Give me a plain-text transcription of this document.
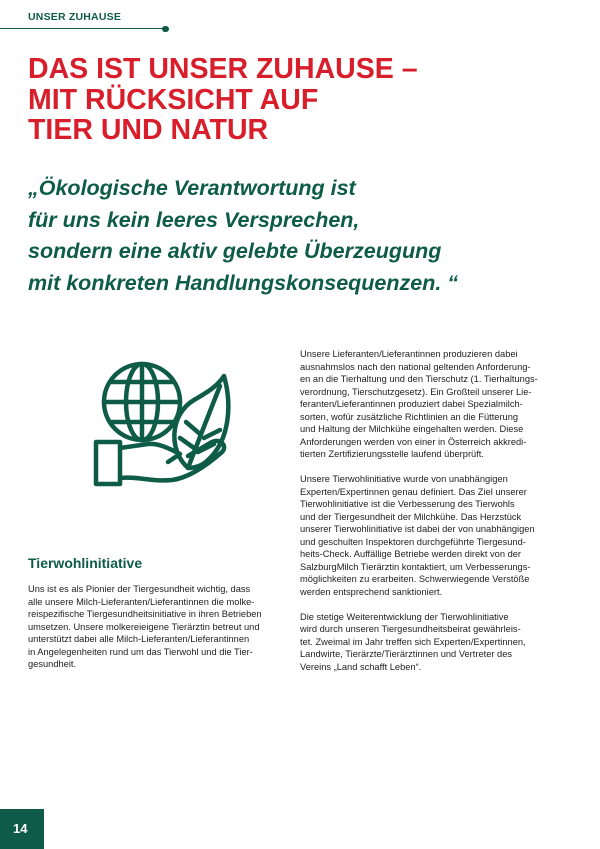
UNSER ZUHAUSE
DAS IST UNSER ZUHAUSE –
MIT RÜCKSICHT AUF
TIER UND NATUR

„Ökologische Verantwortung ist
für uns kein leeres Versprechen,
sondern eine aktiv gelebte Überzeugung
mit konkreten Handlungskonsequenzen. “

Tierwohlinitiative
Uns ist es als Pionier der Tiergesundheit wichtig, dass
alle unsere Milch-Lieferanten/Lieferantinnen die molke-
reispezifische Tiergesundheitsinitiative in ihren Betrieben
umsetzen. Unsere molkereieigene Tierärztin betreut und
unterstützt dabei alle Milch-Lieferanten/Lieferantinnen
in Angelegenheiten rund um das Tierwohl und die Tier-
gesundheit.

Unsere Lieferanten/Lieferantinnen produzieren dabei
ausnahmslos nach den national geltenden Anforderung-
en an die Tierhaltung und den Tierschutz (1. Tierhaltungs-
verordnung, Tierschutzgesetz). Ein Großteil unserer Lie-
feranten/Lieferantinnen produziert dabei Spezialmilch-
sorten, wofür zusätzliche Richtlinien an die Fütterung
und Haltung der Milchkühe eingehalten werden. Diese
Anforderungen werden von einer in Österreich akkredi-
tierten Zertifizierungsstelle laufend überprüft.

Unsere Tierwohlinitiative wurde von unabhängigen
Experten/Expertinnen genau definiert. Das Ziel unserer
Tierwohlinitiative ist die Verbesserung des Tierwohls
und der Tiergesundheit der Milchkühe. Das Herzstück
unserer Tierwohlinitiative ist dabei der von unabhängigen
und geschulten Inspektoren durchgeführte Tiergesund-
heits-Check. Auffällige Betriebe werden direkt von der
SalzburgMilch Tierärztin kontaktiert, um Verbesserungs-
möglichkeiten zu erarbeiten. Schwerwiegende Verstöße
werden entsprechend sanktioniert.

Die stetige Weiterentwicklung der Tierwohlinitiative
wird durch unseren Tiergesundheitsbeirat gewährleis-
tet. Zweimal im Jahr treffen sich Experten/Expertinnen,
Landwirte, Tierärzte/Tierärztinnen und Vertreter des
Vereins „Land schafft Leben“.

14
